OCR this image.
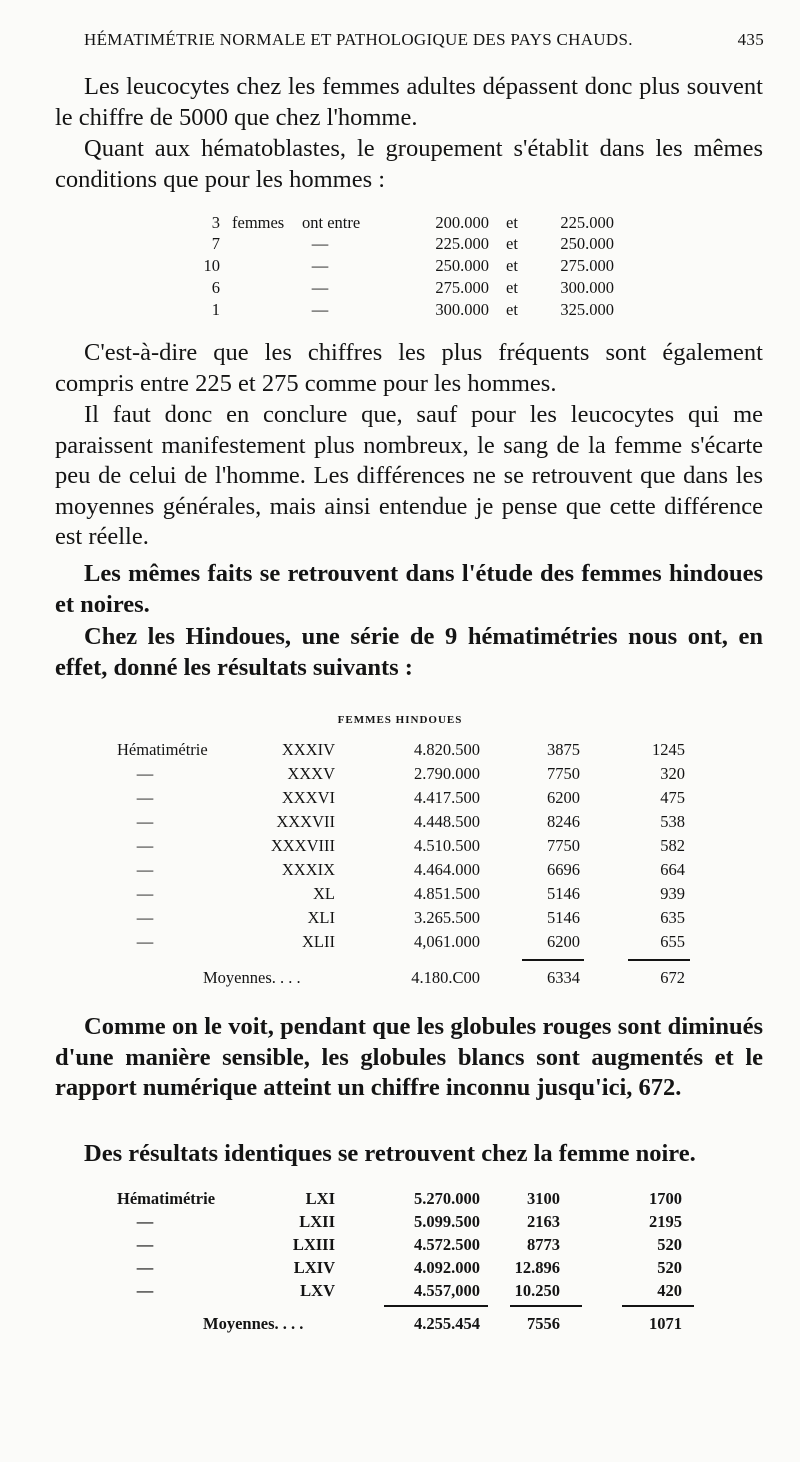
HÉMATIMÉTRIE NORMALE ET PATHOLOGIQUE DES PAYS CHAUDS.	435

Les leucocytes chez les femmes adultes dépassent donc plus souvent le chiffre de 5000 que chez l'homme.

Quant aux hématoblastes, le groupement s'établit dans les mêmes conditions que pour les hommes :

3 femmes ont entre	200.000 et	225.000
7	—	225.000 et	250.000
10	—	250.000 et	275.000
6	—	275.000 et	300.000
1	—	300.000 et	325.000

C'est-à-dire que les chiffres les plus fréquents sont également compris entre 225 et 275 comme pour les hommes.

Il faut donc en conclure que, sauf pour les leucocytes qui me paraissent manifestement plus nombreux, le sang de la femme s'écarte peu de celui de l'homme. Les différences ne se retrouvent que dans les moyennes générales, mais ainsi entendue je pense que cette différence est réelle.

Les mêmes faits se retrouvent dans l'étude des femmes hindoues et noires.

Chez les Hindoues, une série de 9 hématimétries nous ont, en effet, donné les résultats suivants :

FEMMES HINDOUES
Hématimétrie	XXXIV	4.820.500	3875	1245
—	XXXV	2.790.000	7750	320
—	XXXVI	4.417.500	6200	475
—	XXXVII	4.448.500	8246	538
—	XXXVIII	4.510.500	7750	582
—	XXXIX	4.464.000	6696	664
—	XL	4.851.500	5146	939
—	XLI	3.265.500	5146	635
—	XLII	4,061.000	6200	655
Moyennes. . . .	4.180.C00	6334	672

Comme on le voit, pendant que les globules rouges sont diminués d'une manière sensible, les globules blancs sont augmentés et le rapport numérique atteint un chiffre inconnu jusqu'ici, 672.

Des résultats identiques se retrouvent chez la femme noire.

Hématimétrie	LXI	5.270.000	3100	1700
—	LXII	5.099.500	2163	2195
—	LXIII	4.572.500	8773	520
—	LXIV	4.092.000	12.896	520
—	LXV	4.557,000	10.250	420
Moyennes. . . .	4.255.454	7556	1071
